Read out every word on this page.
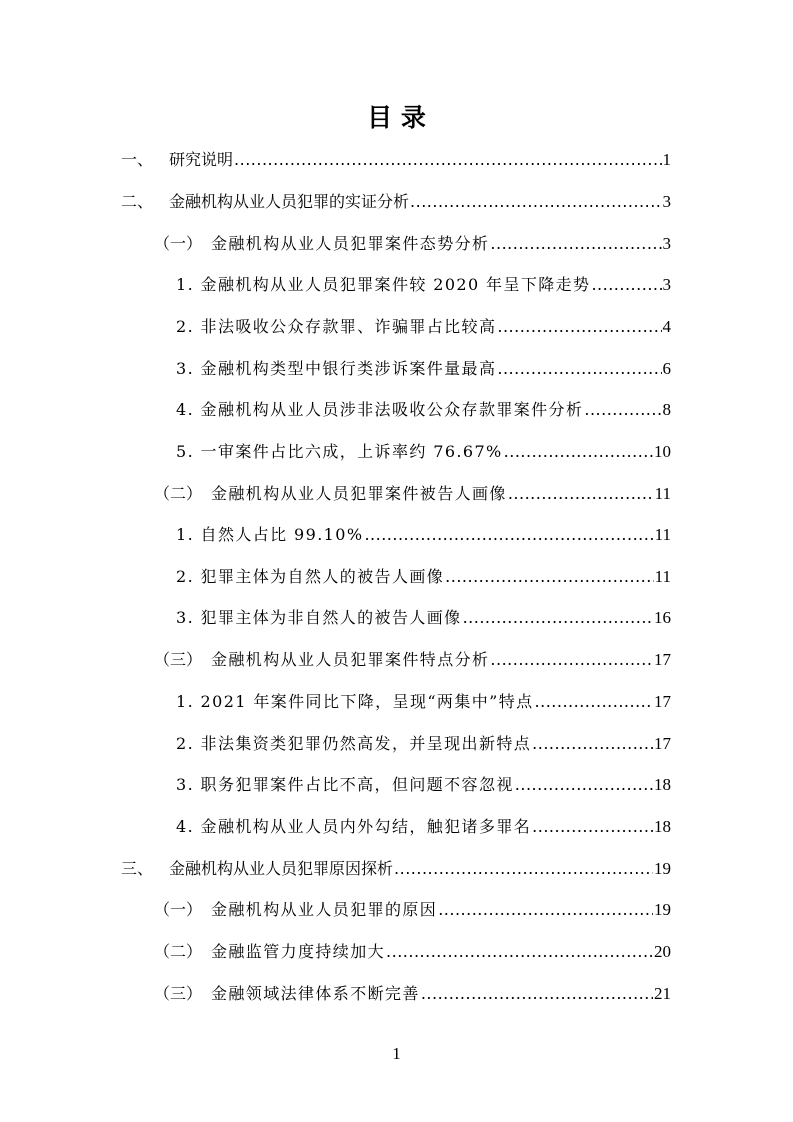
目 录
一、 研究说明 .....	1
二、 金融机构从业人员犯罪的实证分析 .....	3
（一） 金融机构从业人员犯罪案件态势分析 .....	3
1. 金融机构从业人员犯罪案件较 2020 年呈下降走势 .....	3
2. 非法吸收公众存款罪、诈骗罪占比较高 .....	4
3. 金融机构类型中银行类涉诉案件量最高 .....	6
4. 金融机构从业人员涉非法吸收公众存款罪案件分析 .....	8
5. 一审案件占比六成，上诉率约 76.67% .....	10
（二） 金融机构从业人员犯罪案件被告人画像 .....	11
1. 自然人占比 99.10% .....	11
2. 犯罪主体为自然人的被告人画像 .....	11
3. 犯罪主体为非自然人的被告人画像 .....	16
（三） 金融机构从业人员犯罪案件特点分析 .....	17
1. 2021 年案件同比下降，呈现“两集中”特点 .....	17
2. 非法集资类犯罪仍然高发，并呈现出新特点 .....	17
3. 职务犯罪案件占比不高，但问题不容忽视 .....	18
4. 金融机构从业人员内外勾结，触犯诸多罪名 .....	18
三、 金融机构从业人员犯罪原因探析 .....	19
（一） 金融机构从业人员犯罪的原因 .....	19
（二） 金融监管力度持续加大 .....	20
（三） 金融领域法律体系不断完善 .....	21
1
